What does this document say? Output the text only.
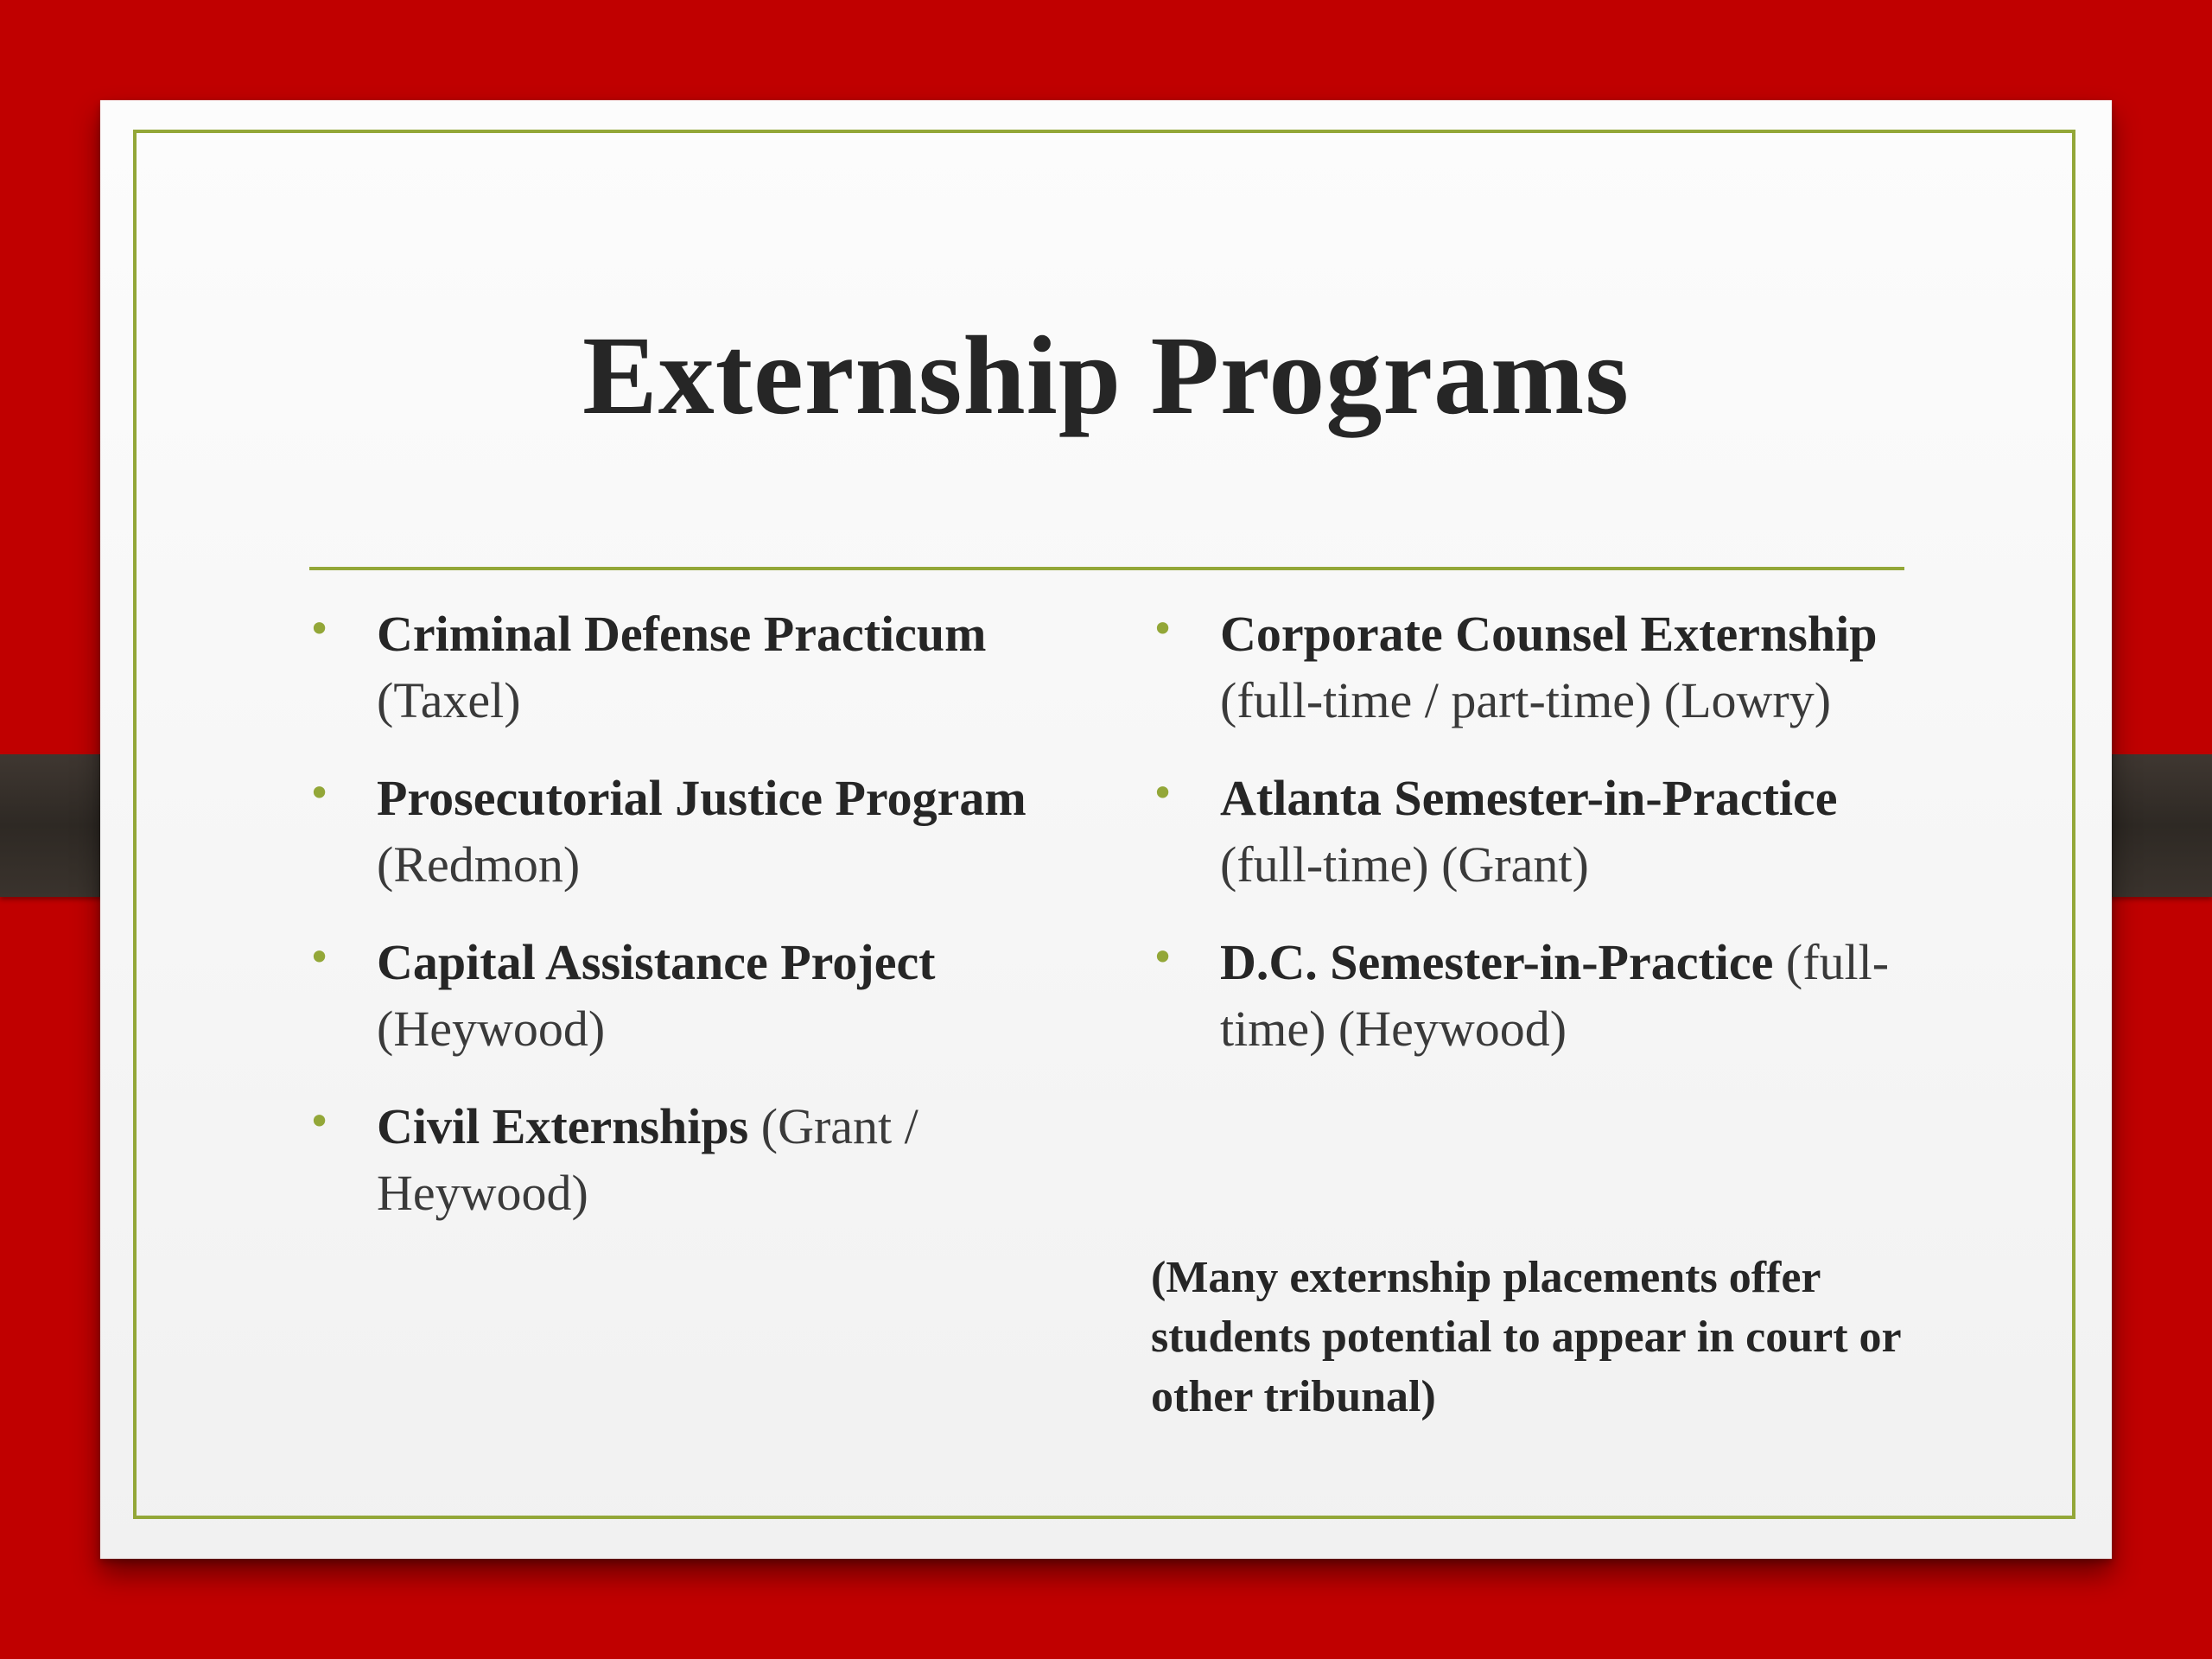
Externship Programs
• Criminal Defense Practicum (Taxel)
• Prosecutorial Justice Program (Redmon)
• Capital Assistance Project (Heywood)
• Civil Externships (Grant / Heywood)
• Corporate Counsel Externship (full-time / part-time) (Lowry)
• Atlanta Semester-in-Practice (full-time) (Grant)
• D.C. Semester-in-Practice (full-time) (Heywood)
(Many externship placements offer students potential to appear in court or other tribunal)
